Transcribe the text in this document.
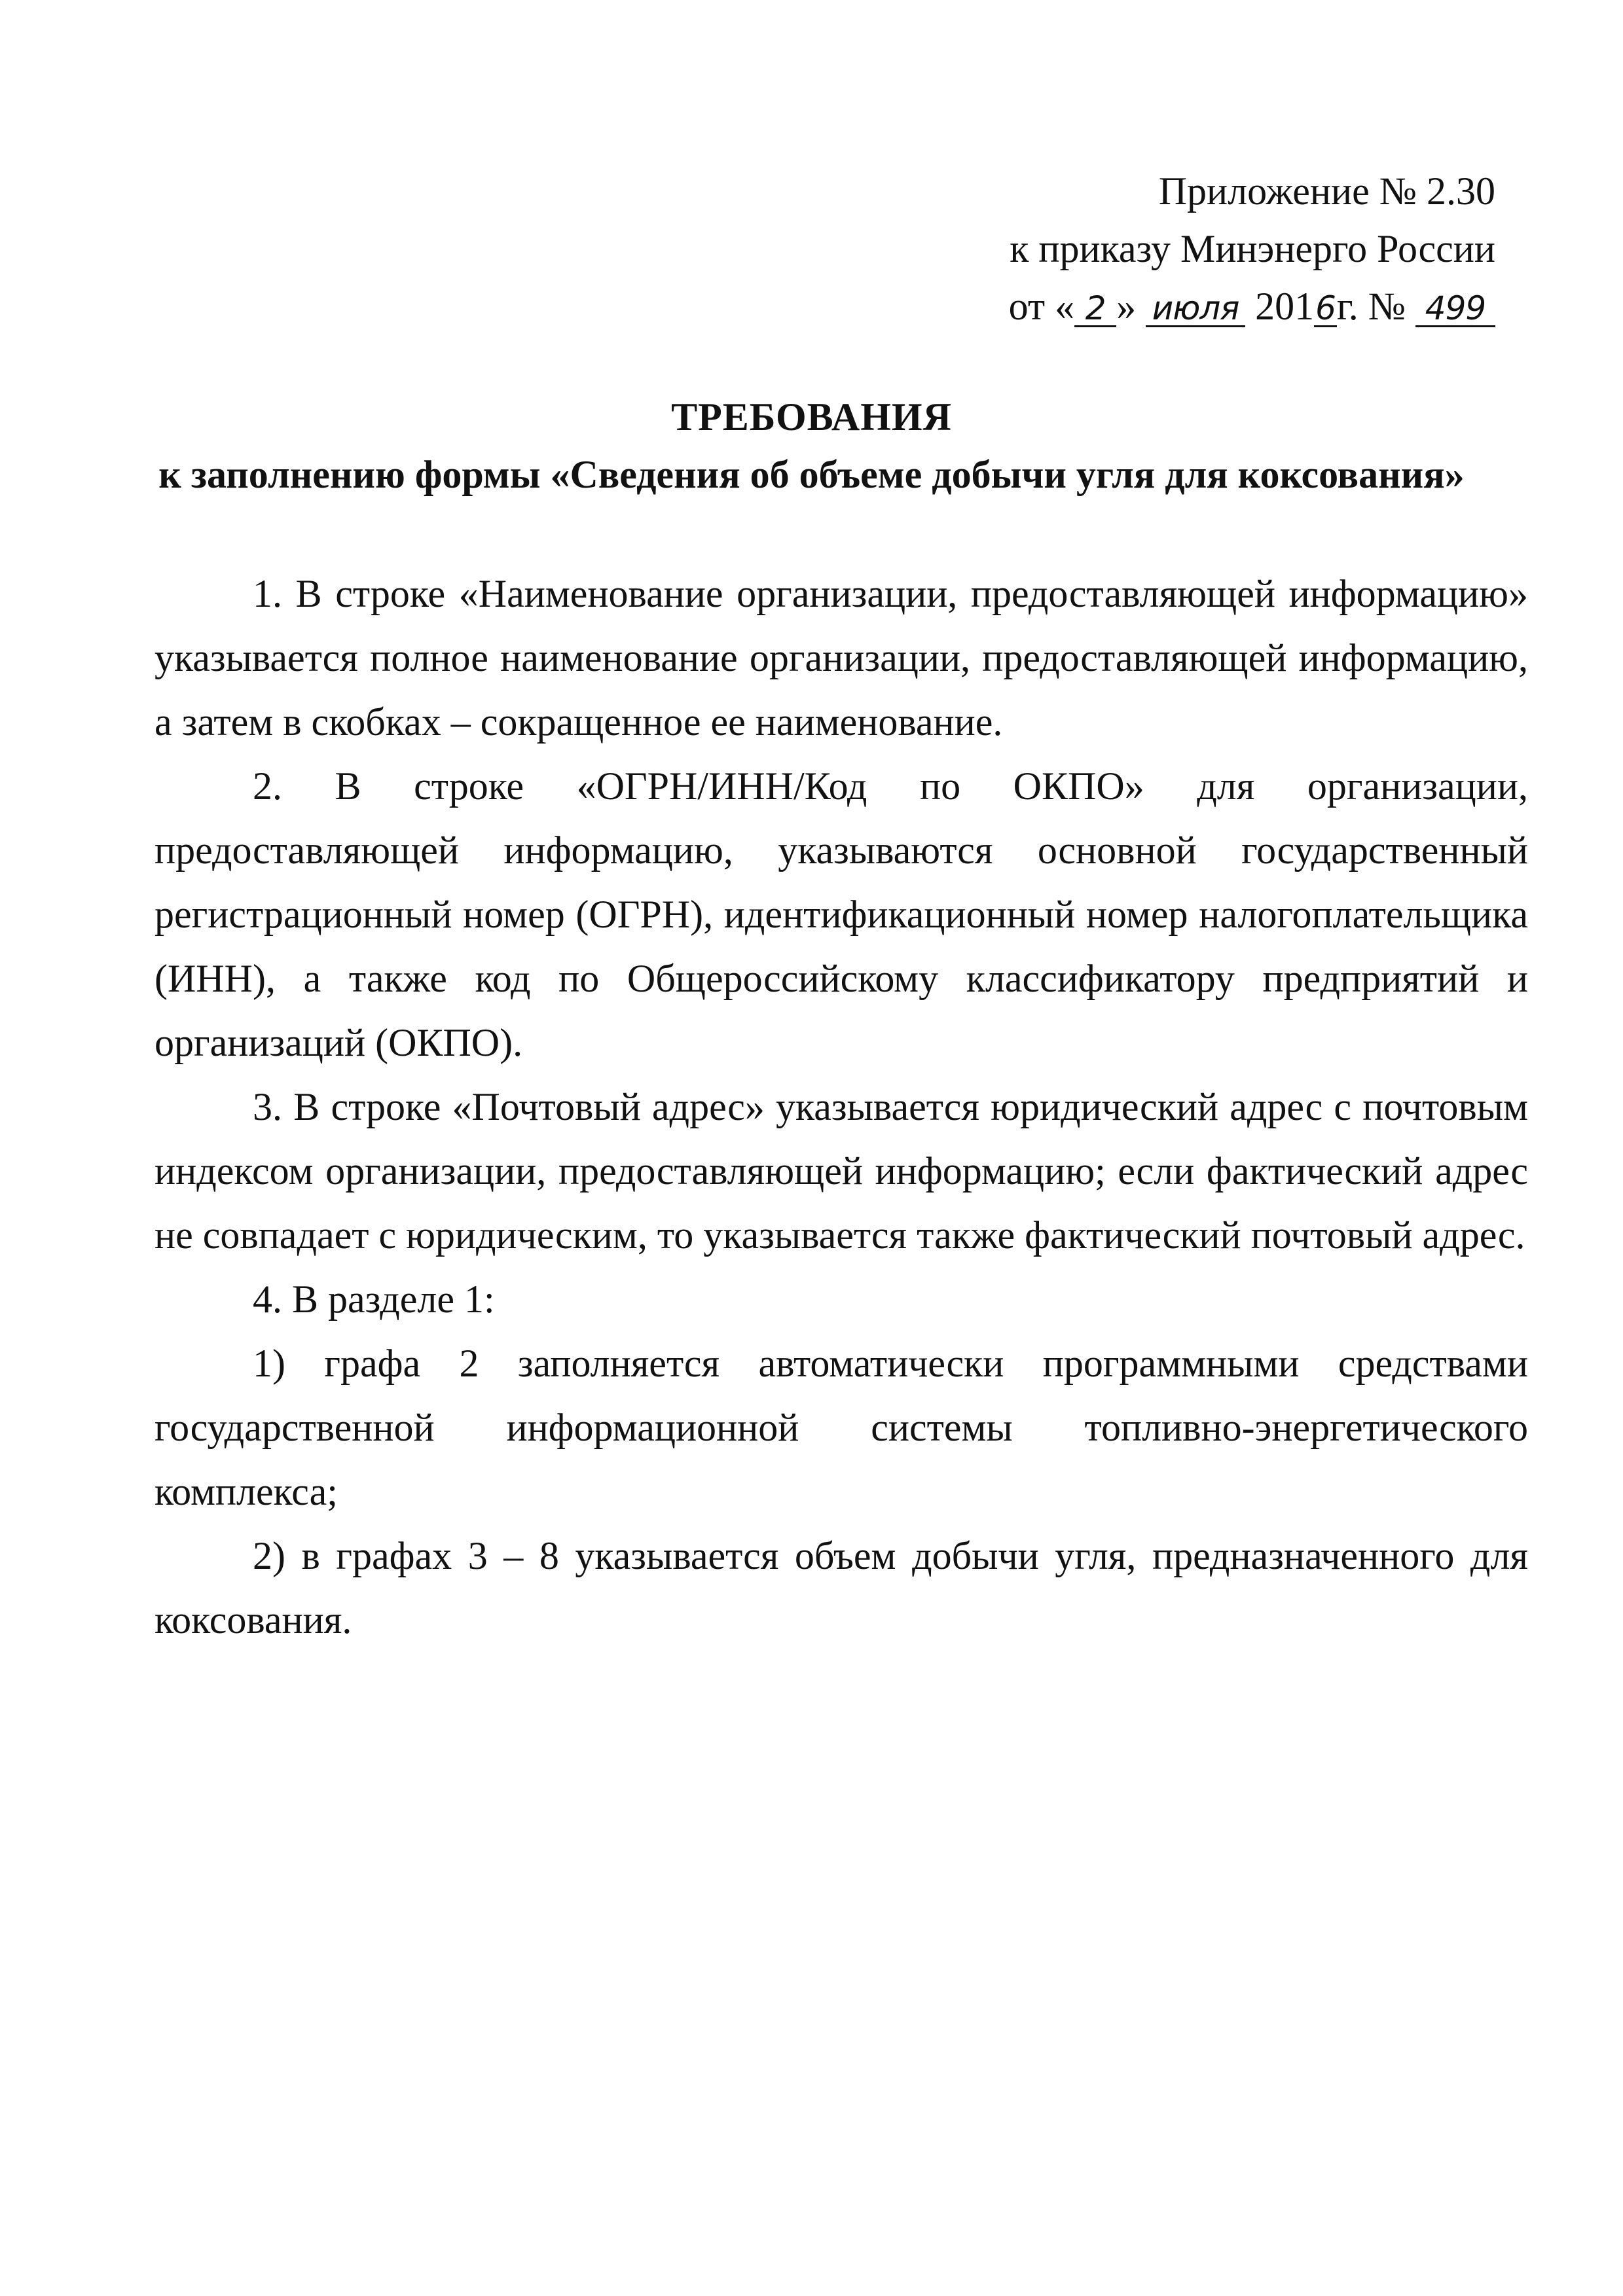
Приложение № 2.30
к приказу Минэнерго России
от « 2 » июля 2016г. № 499
ТРЕБОВАНИЯ
к заполнению формы «Сведения об объеме добычи угля для коксования»

1. В строке «Наименование организации, предоставляющей информацию» указывается полное наименование организации, предоставляющей информацию, а затем в скобках – сокращенное ее наименование.

2. В строке «ОГРН/ИНН/Код по ОКПО» для организации, предоставляющей информацию, указываются основной государственный регистрационный номер (ОГРН), идентификационный номер налогоплательщика (ИНН), а также код по Общероссийскому классификатору предприятий и организаций (ОКПО).

3. В строке «Почтовый адрес» указывается юридический адрес с почтовым индексом организации, предоставляющей информацию; если фактический адрес не совпадает с юридическим, то указывается также фактический почтовый адрес.

4. В разделе 1:

1) графа 2 заполняется автоматически программными средствами государственной информационной системы топливно-энергетического комплекса;

2) в графах 3 – 8 указывается объем добычи угля, предназначенного для коксования.
